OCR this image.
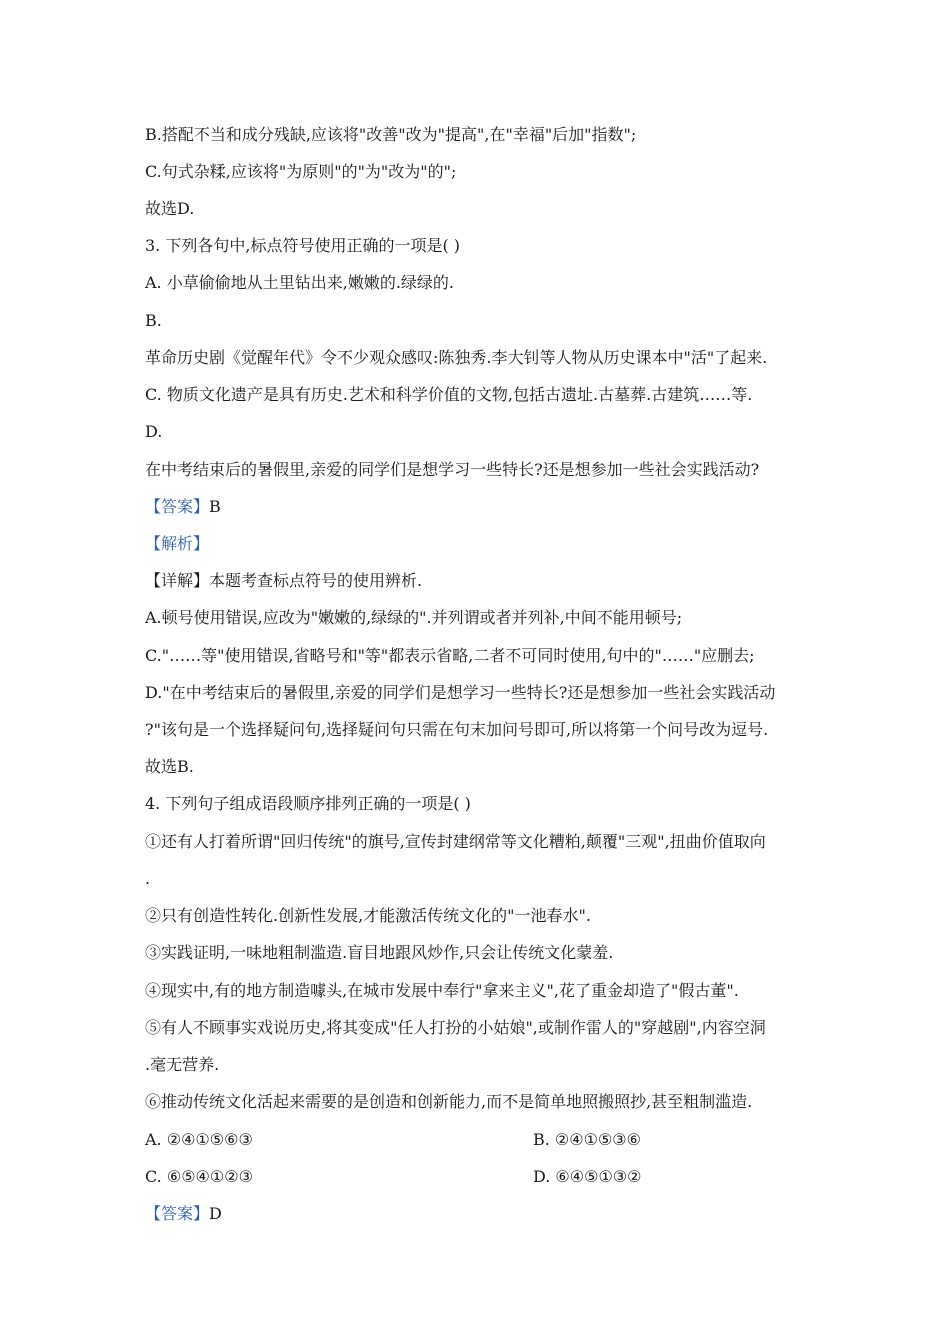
B.搭配不当和成分残缺,应该将"改善"改为"提高",在"幸福"后加"指数";
C.句式杂糅,应该将"为原则"的"为"改为"的";
故选D.
3. 下列各句中,标点符号使用正确的一项是( )
A. 小草偷偷地从土里钻出来,嫩嫩的.绿绿的.
B.
革命历史剧《觉醒年代》令不少观众感叹:陈独秀.李大钊等人物从历史课本中"活"了起来.
C. 物质文化遗产是具有历史.艺术和科学价值的文物,包括古遗址.古墓葬.古建筑……等.
D.
在中考结束后的暑假里,亲爱的同学们是想学习一些特长?还是想参加一些社会实践活动?
【答案】B
【解析】
【详解】本题考查标点符号的使用辨析.
A.顿号使用错误,应改为"嫩嫩的,绿绿的".并列谓或者并列补,中间不能用顿号;
C."……等"使用错误,省略号和"等"都表示省略,二者不可同时使用,句中的"……"应删去;
D."在中考结束后的暑假里,亲爱的同学们是想学习一些特长?还是想参加一些社会实践活动
?"该句是一个选择疑问句,选择疑问句只需在句末加问号即可,所以将第一个问号改为逗号.
故选B.
4. 下列句子组成语段顺序排列正确的一项是( )
①还有人打着所谓"回归传统"的旗号,宣传封建纲常等文化糟粕,颠覆"三观",扭曲价值取向
.
②只有创造性转化.创新性发展,才能激活传统文化的"一池春水".
③实践证明,一味地粗制滥造.盲目地跟风炒作,只会让传统文化蒙羞.
④现实中,有的地方制造噱头,在城市发展中奉行"拿来主义",花了重金却造了"假古董".
⑤有人不顾事实戏说历史,将其变成"任人打扮的小姑娘",或制作雷人的"穿越剧",内容空洞
.毫无营养.
⑥推动传统文化活起来需要的是创造和创新能力,而不是简单地照搬照抄,甚至粗制滥造.
A. ②④①⑤⑥③	B. ②④①⑤③⑥
C. ⑥⑤④①②③	D. ⑥④⑤①③②
【答案】D
